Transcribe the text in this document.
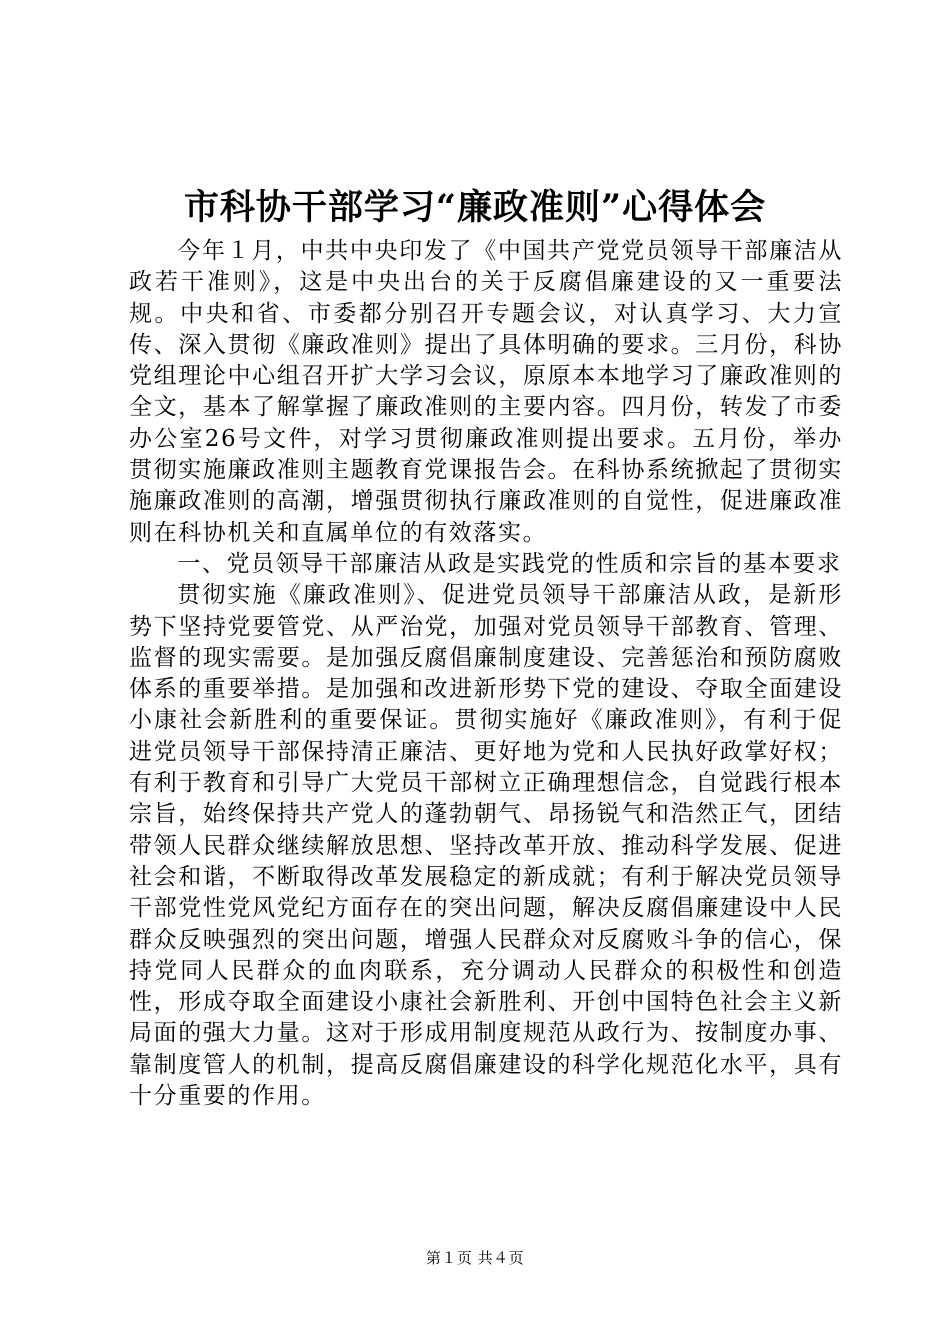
市科协干部学习“廉政准则”心得体会

今年１月，中共中央印发了《中国共产党党员领导干部廉洁从政若干准则》，这是中央出台的关于反腐倡廉建设的又一重要法规。中央和省、市委都分别召开专题会议，对认真学习、大力宣传、深入贯彻《廉政准则》提出了具体明确的要求。三月份，科协党组理论中心组召开扩大学习会议，原原本本地学习了廉政准则的全文，基本了解掌握了廉政准则的主要内容。四月份，转发了市委办公室26号文件，对学习贯彻廉政准则提出要求。五月份，举办贯彻实施廉政准则主题教育党课报告会。在科协系统掀起了贯彻实施廉政准则的高潮，增强贯彻执行廉政准则的自觉性，促进廉政准则在科协机关和直属单位的有效落实。

一、党员领导干部廉洁从政是实践党的性质和宗旨的基本要求

贯彻实施《廉政准则》、促进党员领导干部廉洁从政，是新形势下坚持党要管党、从严治党，加强对党员领导干部教育、管理、监督的现实需要。是加强反腐倡廉制度建设、完善惩治和预防腐败体系的重要举措。是加强和改进新形势下党的建设、夺取全面建设小康社会新胜利的重要保证。贯彻实施好《廉政准则》，有利于促进党员领导干部保持清正廉洁、更好地为党和人民执好政掌好权；有利于教育和引导广大党员干部树立正确理想信念，自觉践行根本宗旨，始终保持共产党人的蓬勃朝气、昂扬锐气和浩然正气，团结带领人民群众继续解放思想、坚持改革开放、推动科学发展、促进社会和谐，不断取得改革发展稳定的新成就；有利于解决党员领导干部党性党风党纪方面存在的突出问题，解决反腐倡廉建设中人民群众反映强烈的突出问题，增强人民群众对反腐败斗争的信心，保持党同人民群众的血肉联系，充分调动人民群众的积极性和创造性，形成夺取全面建设小康社会新胜利、开创中国特色社会主义新局面的强大力量。这对于形成用制度规范从政行为、按制度办事、靠制度管人的机制，提高反腐倡廉建设的科学化规范化水平，具有十分重要的作用。

第１页 共４页
